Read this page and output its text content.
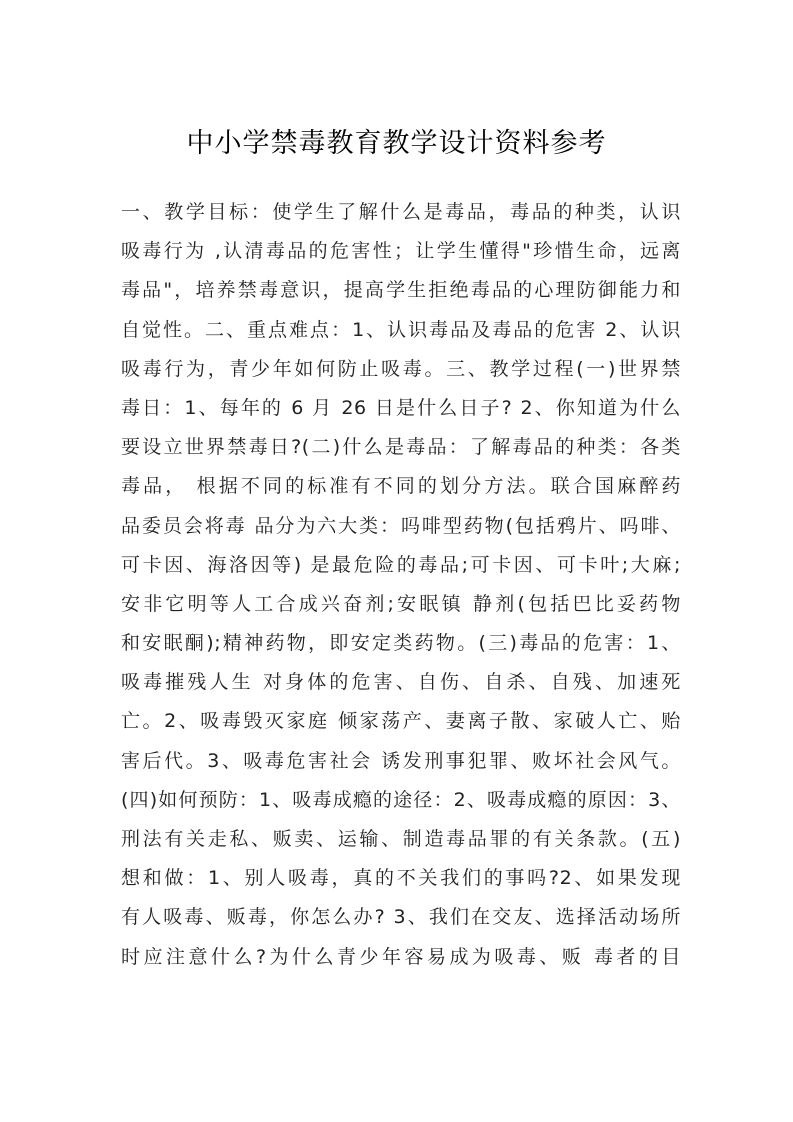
中小学禁毒教育教学设计资料参考
一、教学目标：使学生了解什么是毒品，毒品的种类，认识
吸毒行为 ,认清毒品的危害性；让学生懂得"珍惜生命，远离
毒品"，培养禁毒意识，提高学生拒绝毒品的心理防御能力和
自觉性。二、重点难点：1、认识毒品及毒品的危害 2、认识
吸毒行为，青少年如何防止吸毒。三、教学过程(一)世界禁
毒日：1、每年的 6 月 26 日是什么日子? 2、你知道为什么
要设立世界禁毒日?(二)什么是毒品：了解毒品的种类：各类
毒品， 根据不同的标准有不同的划分方法。联合国麻醉药
品委员会将毒 品分为六大类：吗啡型药物(包括鸦片、吗啡、
可卡因、海洛因等) 是最危险的毒品;可卡因、可卡叶;大麻;
安非它明等人工合成兴奋剂;安眠镇 静剂(包括巴比妥药物
和安眠酮);精神药物，即安定类药物。(三)毒品的危害：1、
吸毒摧残人生 对身体的危害、自伤、自杀、自残、加速死
亡。2、吸毒毁灭家庭 倾家荡产、妻离子散、家破人亡、贻
害后代。3、吸毒危害社会 诱发刑事犯罪、败坏社会风气。
(四)如何预防：1、吸毒成瘾的途径：2、吸毒成瘾的原因：3、
刑法有关走私、贩卖、运输、制造毒品罪的有关条款。(五)
想和做：1、别人吸毒，真的不关我们的事吗?2、如果发现
有人吸毒、贩毒，你怎么办? 3、我们在交友、选择活动场所
时应注意什么?为什么青少年容易成为吸毒、贩 毒者的目
